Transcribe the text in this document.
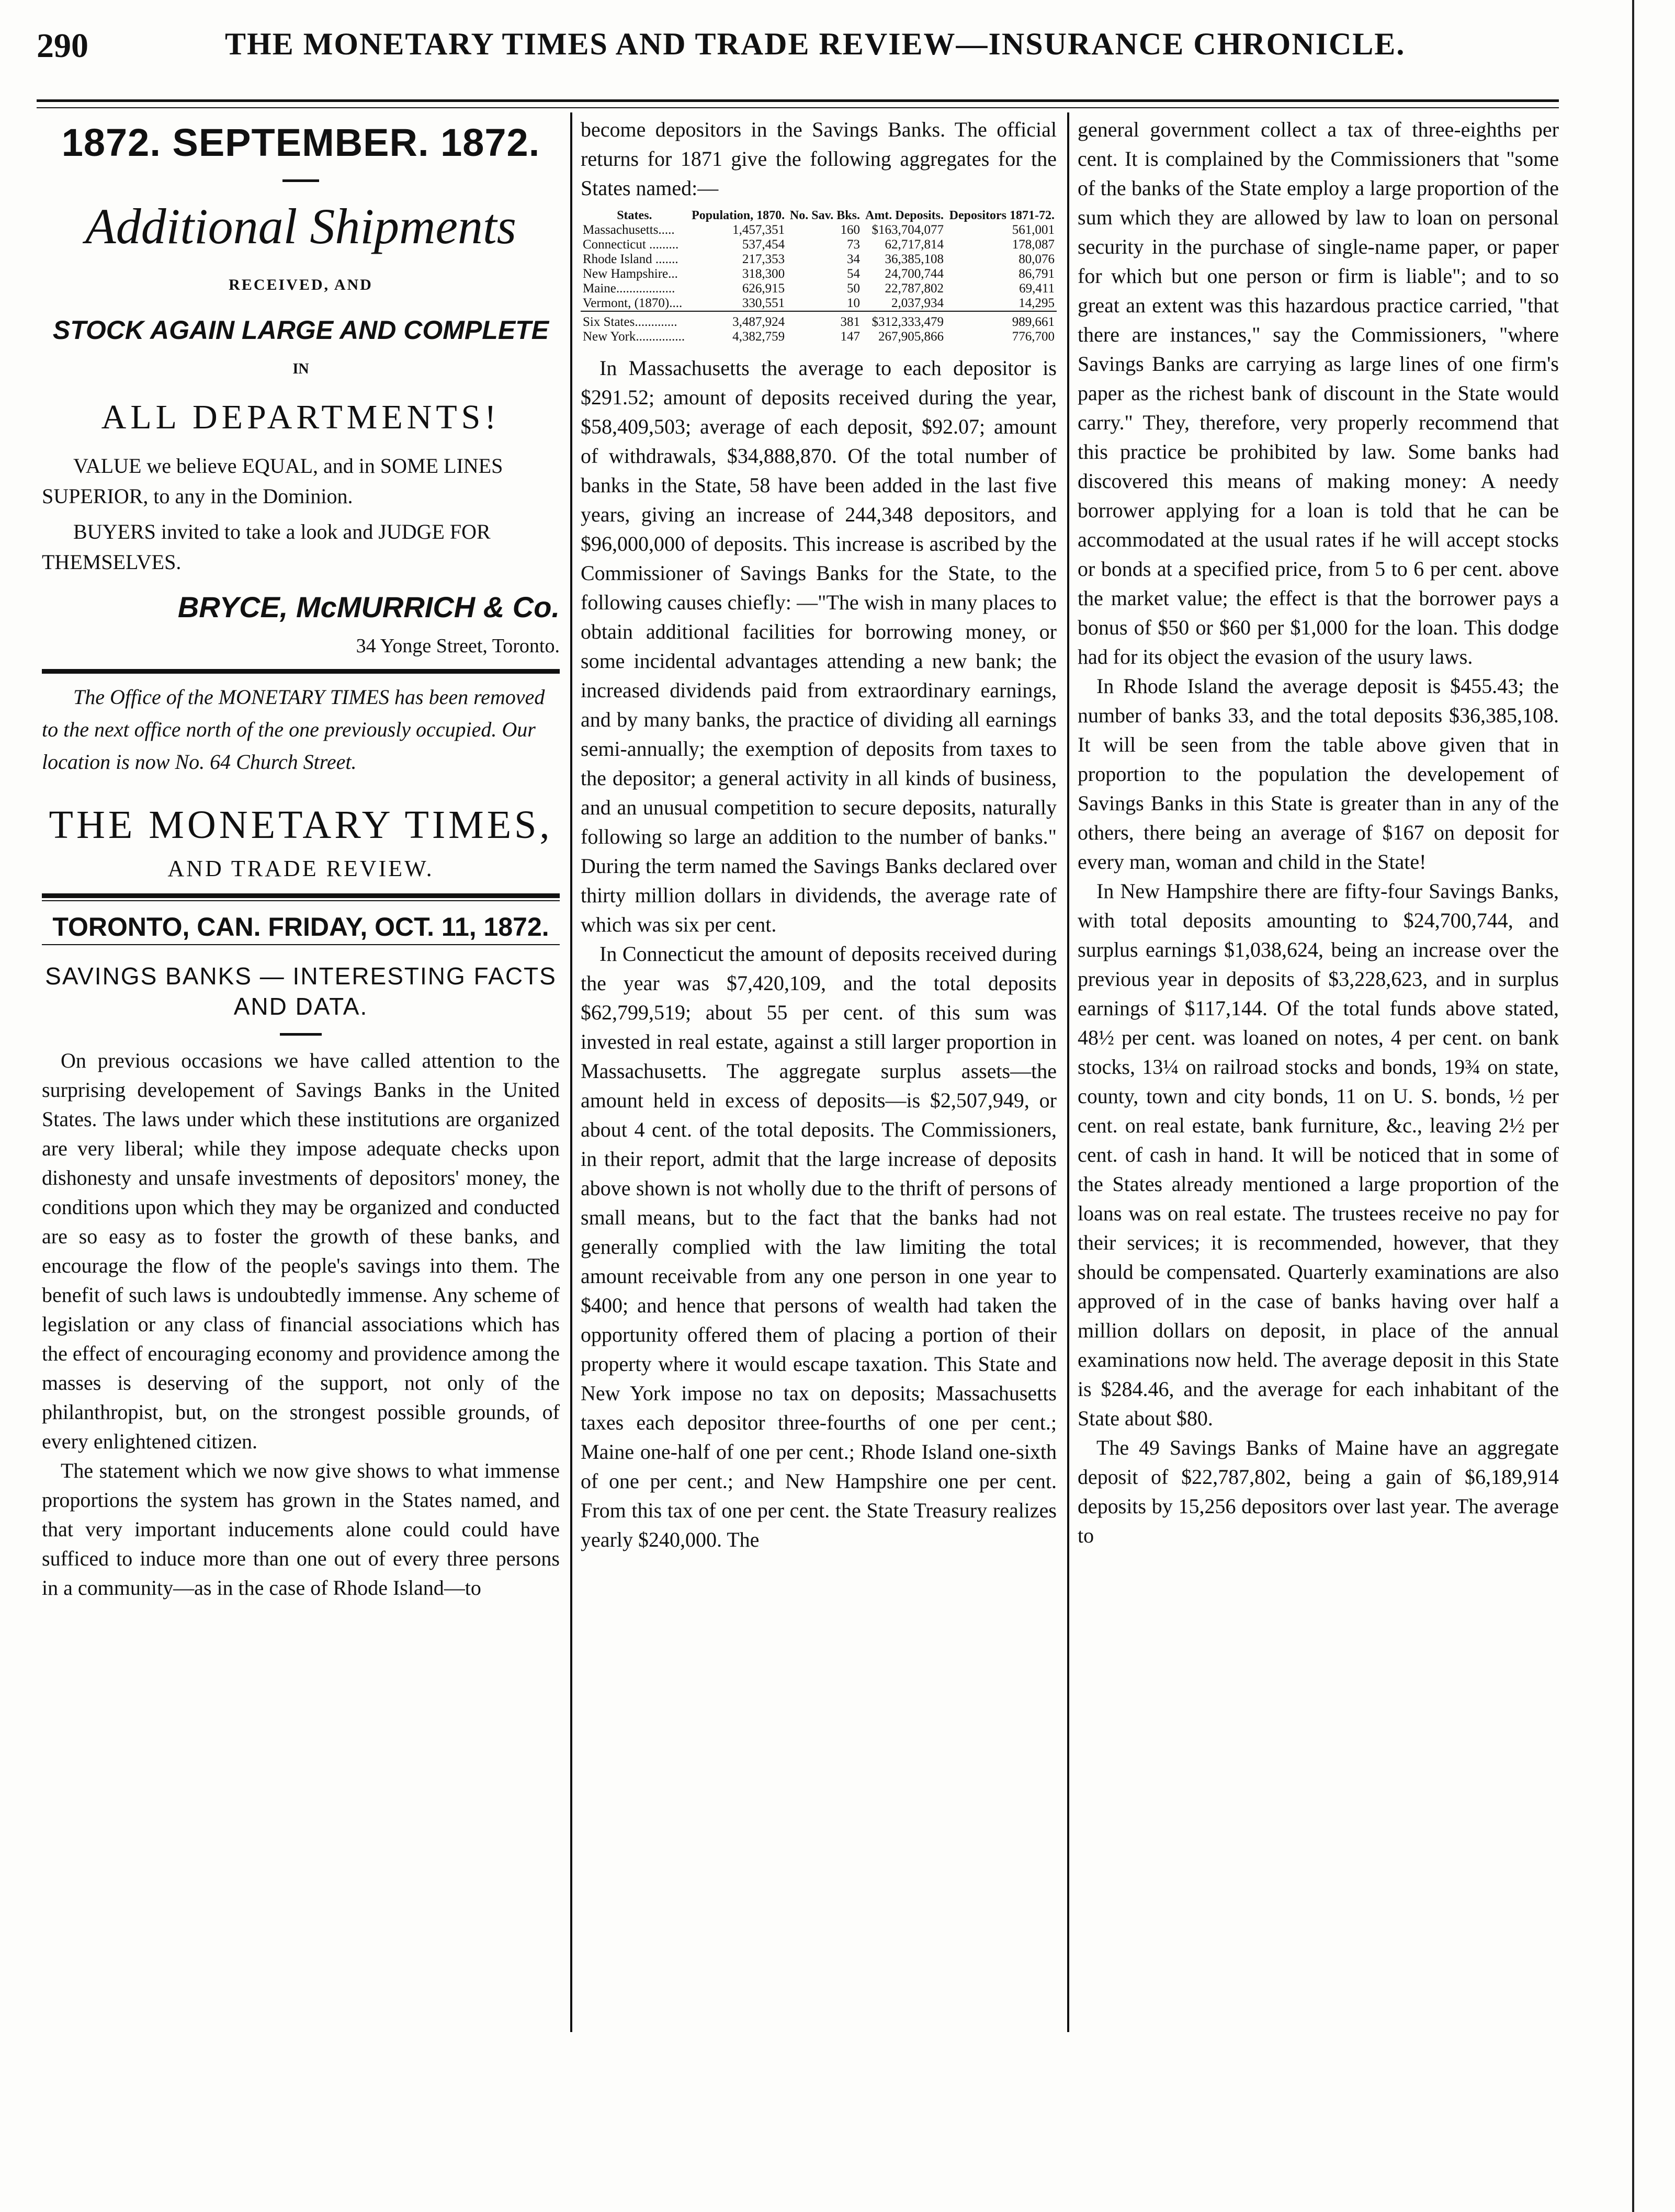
290	THE MONETARY TIMES AND TRADE REVIEW—INSURANCE CHRONICLE.
1872. SEPTEMBER. 1872.
Additional Shipments
RECEIVED, AND
STOCK AGAIN LARGE AND COMPLETE
IN
ALL DEPARTMENTS!
VALUE we believe EQUAL, and in SOME LINES SUPERIOR, to any in the Dominion.
BUYERS invited to take a look and JUDGE FOR THEMSELVES.
BRYCE, McMURRICH & Co.
34 Yonge Street, Toronto.
The Office of the MONETARY TIMES has been removed to the next office north of the one previously occupied. Our location is now No. 64 Church Street.
THE MONETARY TIMES,
AND TRADE REVIEW.
TORONTO, CAN. FRIDAY, OCT. 11, 1872.
SAVINGS BANKS — INTERESTING FACTS AND DATA.

On previous occasions we have called attention to the surprising developement of Savings Banks in the United States. The laws under which these institutions are organized are very liberal; while they impose adequate checks upon dishonesty and unsafe investments of depositors' money, the conditions upon which they may be organized and conducted are so easy as to foster the growth of these banks, and encourage the flow of the people's savings into them. The benefit of such laws is undoubtedly immense. Any scheme of legislation or any class of financial associations which has the effect of encouraging economy and providence among the masses is deserving of the support, not only of the philanthropist, but, on the strongest possible grounds, of every enlightened citizen.

The statement which we now give shows to what immense proportions the system has grown in the States named, and that very important inducements alone could could have sufficed to induce more than one out of every three persons in a community—as in the case of Rhode Island—to

become depositors in the Savings Banks. The official returns for 1871 give the following aggregates for the States named:—

States.	Population, 1870.	No. Sav. Bks.	Amt. Deposits.	Depositors 1871-72.
Massachusetts.....	1,457,351	160	$163,704,077	561,001
Connecticut .........	537,454	73	62,717,814	178,087
Rhode Island .......	217,353	34	36,385,108	80,076
New Hampshire...	318,300	54	24,700,744	86,791
Maine..................	626,915	50	22,787,802	69,411
Vermont, (1870)....	330,551	10	2,037,934	14,295
Six States.............	3,487,924	381	$312,333,479	989,661
New York...............	4,382,759	147	267,905,866	776,700

In Massachusetts the average to each depositor is $291.52; amount of deposits received during the year, $58,409,503; average of each deposit, $92.07; amount of withdrawals, $34,888,870. Of the total number of banks in the State, 58 have been added in the last five years, giving an increase of 244,348 depositors, and $96,000,000 of deposits. This increase is ascribed by the Commissioner of Savings Banks for the State, to the following causes chiefly: —"The wish in many places to obtain additional facilities for borrowing money, or some incidental advantages attending a new bank; the increased dividends paid from extraordinary earnings, and by many banks, the practice of dividing all earnings semi-annually; the exemption of deposits from taxes to the depositor; a general activity in all kinds of business, and an unusual competition to secure deposits, naturally following so large an addition to the number of banks." During the term named the Savings Banks declared over thirty million dollars in dividends, the average rate of which was six per cent.

In Connecticut the amount of deposits received during the year was $7,420,109, and the total deposits $62,799,519; about 55 per cent. of this sum was invested in real estate, against a still larger proportion in Massachusetts. The aggregate surplus assets—the amount held in excess of deposits—is $2,507,949, or about 4 cent. of the total deposits. The Commissioners, in their report, admit that the large increase of deposits above shown is not wholly due to the thrift of persons of small means, but to the fact that the banks had not generally complied with the law limiting the total amount receivable from any one person in one year to $400; and hence that persons of wealth had taken the opportunity offered them of placing a portion of their property where it would escape taxation. This State and New York impose no tax on deposits; Massachusetts taxes each depositor three-fourths of one per cent.; Maine one-half of one per cent.; Rhode Island one-sixth of one per cent.; and New Hampshire one per cent. From this tax of one per cent. the State Treasury realizes yearly $240,000. The

general government collect a tax of three-eighths per cent. It is complained by the Commissioners that "some of the banks of the State employ a large proportion of the sum which they are allowed by law to loan on personal security in the purchase of single-name paper, or paper for which but one person or firm is liable"; and to so great an extent was this hazardous practice carried, "that there are instances," say the Commissioners, "where Savings Banks are carrying as large lines of one firm's paper as the richest bank of discount in the State would carry." They, therefore, very properly recommend that this practice be prohibited by law. Some banks had discovered this means of making money: A needy borrower applying for a loan is told that he can be accommodated at the usual rates if he will accept stocks or bonds at a specified price, from 5 to 6 per cent. above the market value; the effect is that the borrower pays a bonus of $50 or $60 per $1,000 for the loan. This dodge had for its object the evasion of the usury laws.

In Rhode Island the average deposit is $455.43; the number of banks 33, and the total deposits $36,385,108. It will be seen from the table above given that in proportion to the population the developement of Savings Banks in this State is greater than in any of the others, there being an average of $167 on deposit for every man, woman and child in the State!

In New Hampshire there are fifty-four Savings Banks, with total deposits amounting to $24,700,744, and surplus earnings $1,038,624, being an increase over the previous year in deposits of $3,228,623, and in surplus earnings of $117,144. Of the total funds above stated, 48½ per cent. was loaned on notes, 4 per cent. on bank stocks, 13¼ on railroad stocks and bonds, 19¾ on state, county, town and city bonds, 11 on U. S. bonds, ½ per cent. on real estate, bank furniture, &c., leaving 2½ per cent. of cash in hand. It will be noticed that in some of the States already mentioned a large proportion of the loans was on real estate. The trustees receive no pay for their services; it is recommended, however, that they should be compensated. Quarterly examinations are also approved of in the case of banks having over half a million dollars on deposit, in place of the annual examinations now held. The average deposit in this State is $284.46, and the average for each inhabitant of the State about $80.

The 49 Savings Banks of Maine have an aggregate deposit of $22,787,802, being a gain of $6,189,914 deposits by 15,256 depositors over last year. The average to
